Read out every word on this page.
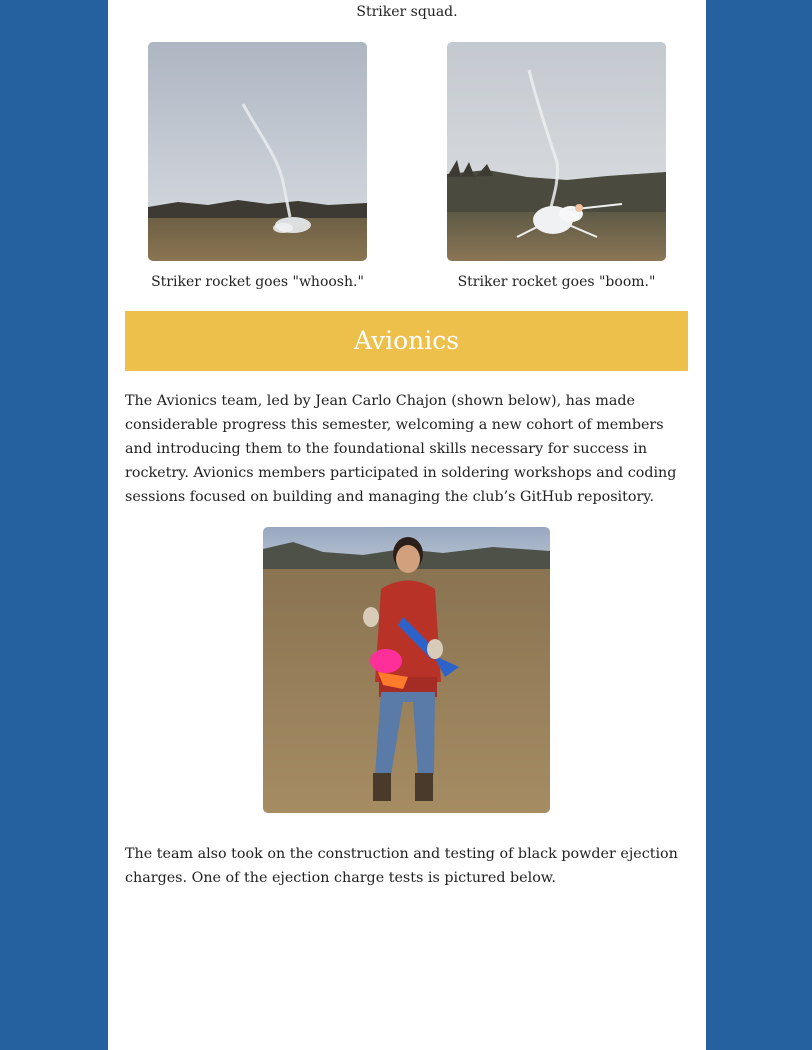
Striker squad.
Striker rocket goes "whoosh."	Striker rocket goes "boom."
Avionics

The Avionics team, led by Jean Carlo Chajon (shown below), has made considerable progress this semester, welcoming a new cohort of members and introducing them to the foundational skills necessary for success in rocketry. Avionics members participated in soldering workshops and coding sessions focused on building and managing the club’s GitHub repository.

The team also took on the construction and testing of black powder ejection charges. One of the ejection charge tests is pictured below.
